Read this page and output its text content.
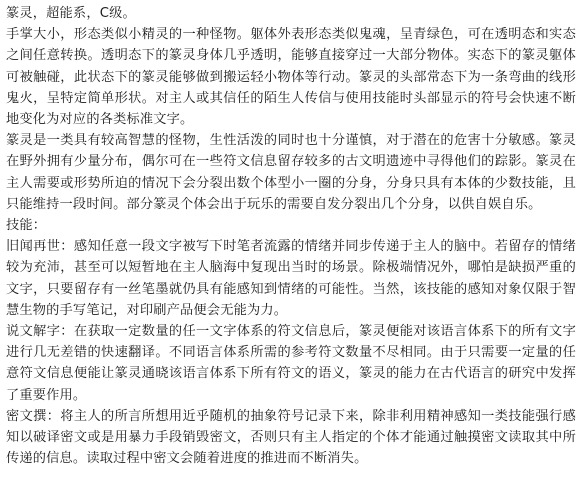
篆灵，超能系，C级。

手掌大小，形态类似小精灵的一种怪物。躯体外表形态类似鬼魂，呈青绿色，可在透明态和实态之间任意转换。透明态下的篆灵身体几乎透明，能够直接穿过一大部分物体。实态下的篆灵躯体可被触碰，此状态下的篆灵能够做到搬运轻小物体等行动。篆灵的头部常态下为一条弯曲的线形鬼火，呈特定简单形状。对主人或其信任的陌生人传信与使用技能时头部显示的符号会快速不断地变化为对应的各类标准文字。

篆灵是一类具有较高智慧的怪物，生性活泼的同时也十分谨慎，对于潜在的危害十分敏感。篆灵在野外拥有少量分布，偶尔可在一些符文信息留存较多的古文明遗迹中寻得他们的踪影。篆灵在主人需要或形势所迫的情况下会分裂出数个体型小一圈的分身，分身只具有本体的少数技能，且只能维持一段时间。部分篆灵个体会出于玩乐的需要自发分裂出几个分身，以供自娱自乐。

技能：

旧闻再世：感知任意一段文字被写下时笔者流露的情绪并同步传递于主人的脑中。若留存的情绪较为充沛，甚至可以短暂地在主人脑海中复现出当时的场景。除极端情况外，哪怕是缺损严重的文字，只要留存有一丝笔墨就仍具有能感知到情绪的可能性。当然，该技能的感知对象仅限于智慧生物的手写笔记，对印刷产品便会无能为力。

说文解字：在获取一定数量的任一文字体系的符文信息后，篆灵便能对该语言体系下的所有文字进行几无差错的快速翻译。不同语言体系所需的参考符文数量不尽相同。由于只需要一定量的任意符文信息便能让篆灵通晓该语言体系下所有符文的语义，篆灵的能力在古代语言的研究中发挥了重要作用。

密文撰：将主人的所言所想用近乎随机的抽象符号记录下来，除非利用精神感知一类技能强行感知以破译密文或是用暴力手段销毁密文，否则只有主人指定的个体才能通过触摸密文读取其中所传递的信息。读取过程中密文会随着进度的推进而不断消失。
